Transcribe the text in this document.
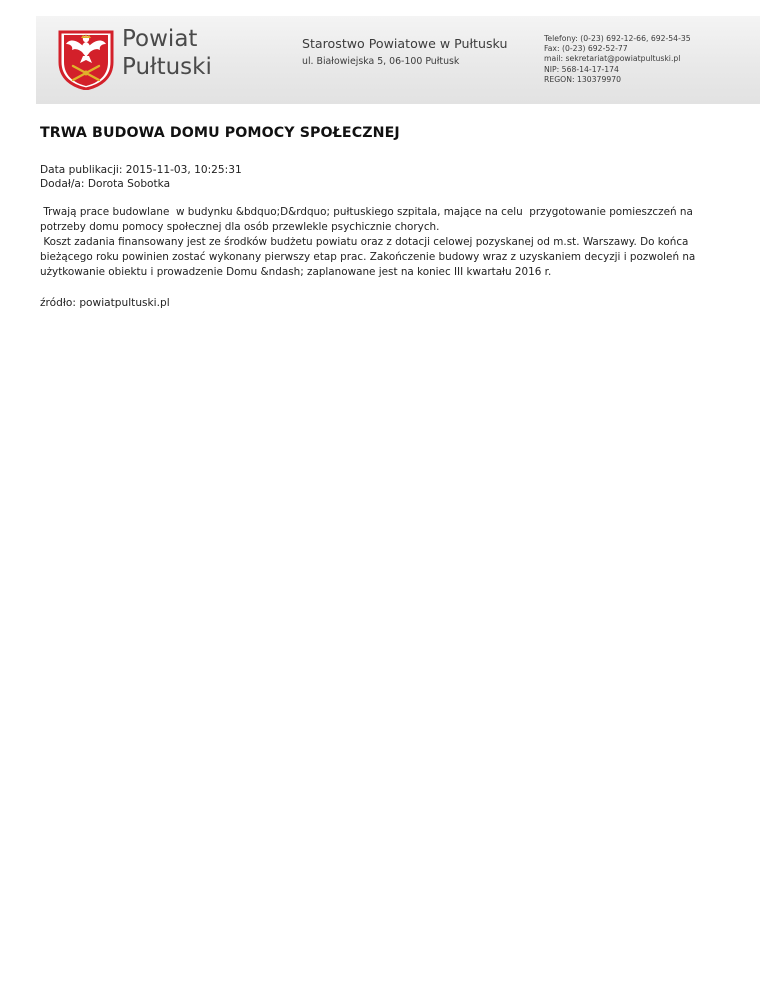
Powiat
Pułtuski
Starostwo Powiatowe w Pułtusku
ul. Białowiejska 5, 06-100 Pułtusk
Telefony: (0-23) 692-12-66, 692-54-35
Fax: (0-23) 692-52-77
mail: sekretariat@powiatpultuski.pl
NIP: 568-14-17-174
REGON: 130379970
TRWA BUDOWA DOMU POMOCY SPOŁECZNEJ
Data publikacji: 2015-11-03, 10:25:31
Dodał/a: Dorota Sobotka

Trwają prace budowlane  w budynku &bdquo;D&rdquo; pułtuskiego szpitala, mające na celu  przygotowanie pomieszczeń na potrzeby domu pomocy społecznej dla osób przewlekle psychicznie chorych.

Koszt zadania finansowany jest ze środków budżetu powiatu oraz z dotacji celowej pozyskanej od m.st. Warszawy. Do końca bieżącego roku powinien zostać wykonany pierwszy etap prac. Zakończenie budowy wraz z uzyskaniem decyzji i pozwoleń na użytkowanie obiektu i prowadzenie Domu &ndash; zaplanowane jest na koniec III kwartału 2016 r.

źródło: powiatpultuski.pl
